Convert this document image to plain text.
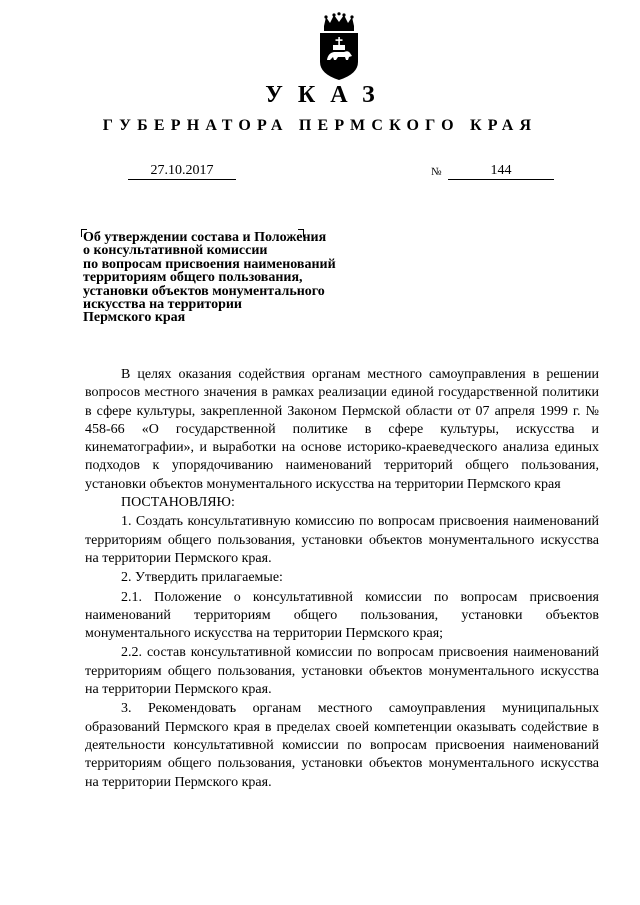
УКАЗ
ГУБЕРНАТОРА ПЕРМСКОГО КРАЯ
27.10.2017	№	144
Об утверждении состава и Положения
о консультативной комиссии
по вопросам присвоения наименований
территориям общего пользования,
установки объектов монументального
искусства на территории
Пермского края

В целях оказания содействия органам местного самоуправления в решении вопросов местного значения в рамках реализации единой государственной политики в сфере культуры, закрепленной Законом Пермской области от 07 апреля 1999 г. № 458-66 «О государственной политике в сфере культуры, искусства и кинематографии», и выработки на основе историко-краеведческого анализа единых подходов к упорядочиванию наименований территорий общего пользования, установки объектов монументального искусства на территории Пермского края

ПОСТАНОВЛЯЮ:

1. Создать консультативную комиссию по вопросам присвоения наименований территориям общего пользования, установки объектов монументального искусства на территории Пермского края.

2. Утвердить прилагаемые:

2.1. Положение о консультативной комиссии по вопросам присвоения наименований территориям общего пользования, установки объектов монументального искусства на территории Пермского края;

2.2. состав консультативной комиссии по вопросам присвоения наименований территориям общего пользования, установки объектов монументального искусства на территории Пермского края.

3. Рекомендовать органам местного самоуправления муниципальных образований Пермского края в пределах своей компетенции оказывать содействие в деятельности консультативной комиссии по вопросам присвоения наименований территориям общего пользования, установки объектов монументального искусства на территории Пермского края.
